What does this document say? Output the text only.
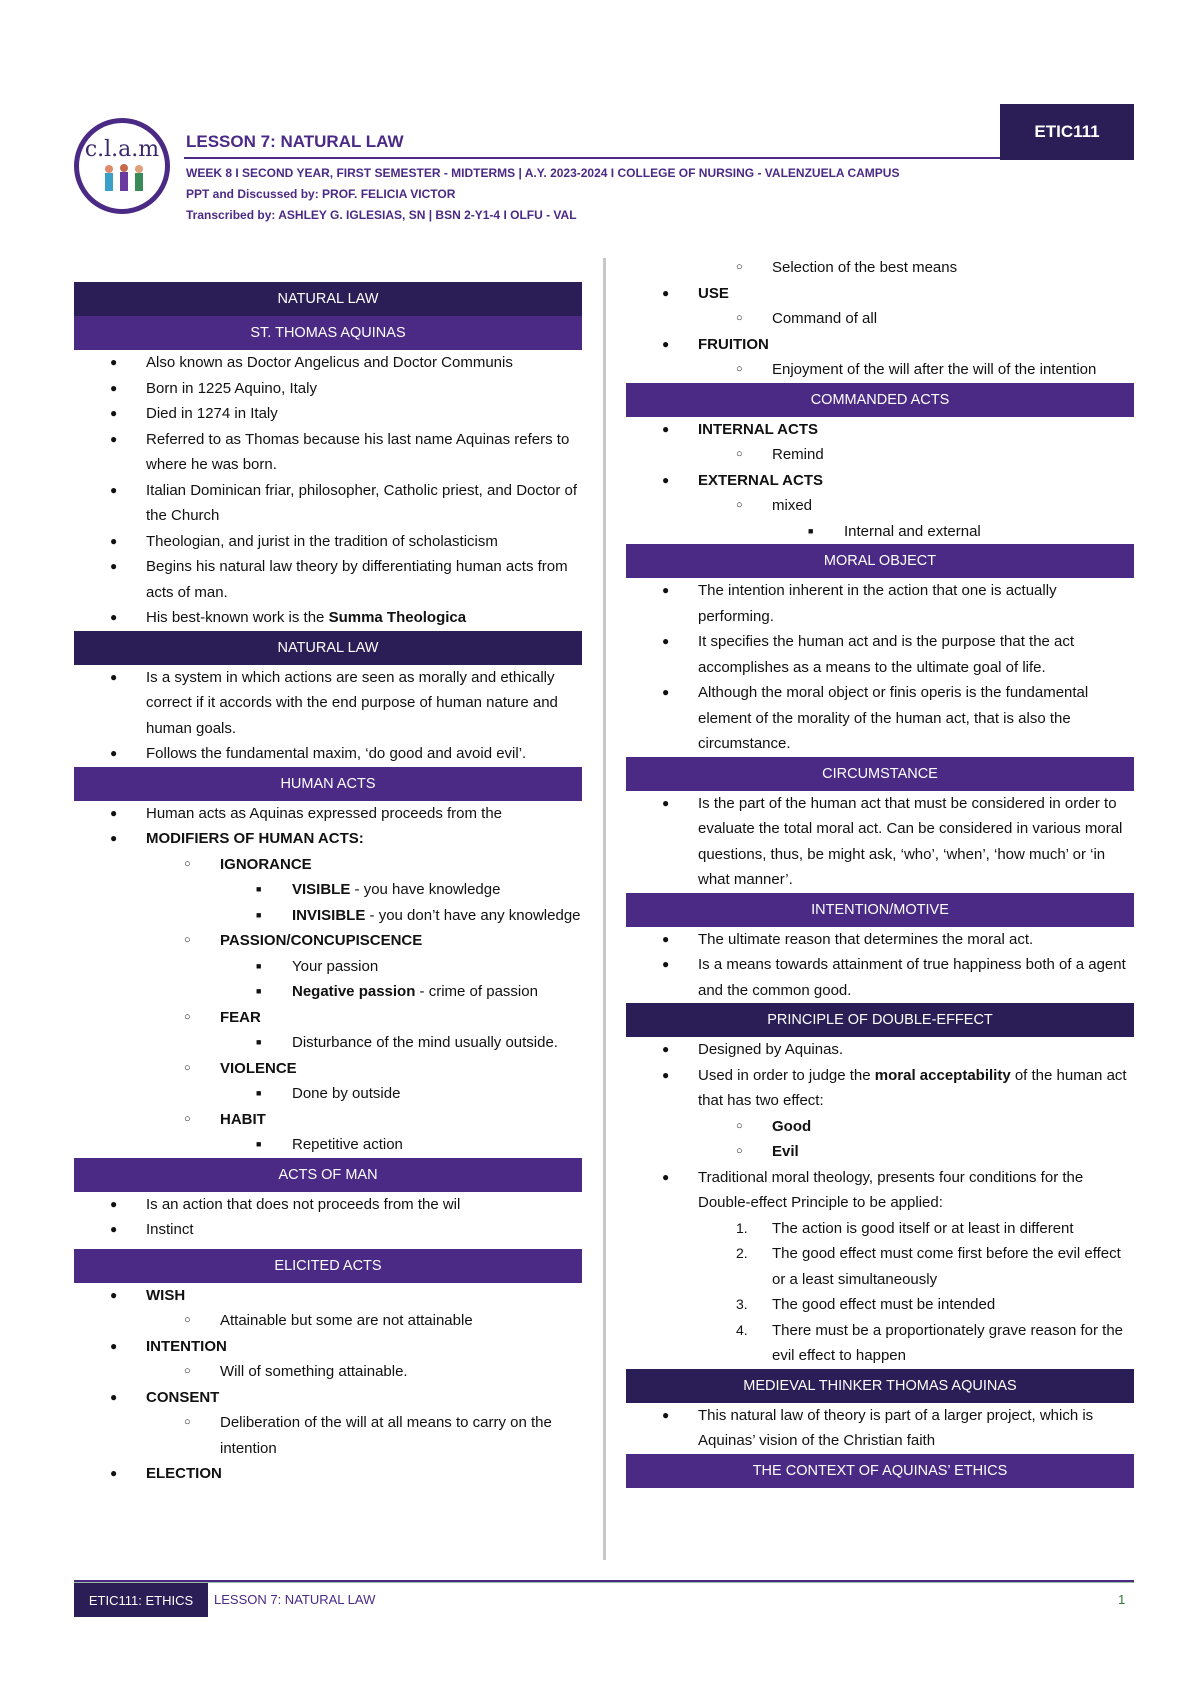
c.l.a.m	LESSON 7: NATURAL LAW
ETIC111
WEEK 8 I SECOND YEAR, FIRST SEMESTER - MIDTERMS | A.Y. 2023-2024 I COLLEGE OF NURSING - VALENZUELA CAMPUS
PPT and Discussed by: PROF. FELICIA VICTOR
Transcribed by: ASHLEY G. IGLESIAS, SN | BSN 2-Y1-4 I OLFU - VAL
NATURAL LAW
ST. THOMAS AQUINAS
● Also known as Doctor Angelicus and Doctor Communis
● Born in 1225 Aquino, Italy
● Died in 1274 in Italy
● Referred to as Thomas because his last name Aquinas refers to where he was born.
● Italian Dominican friar, philosopher, Catholic priest, and Doctor of the Church
● Theologian, and jurist in the tradition of scholasticism
● Begins his natural law theory by differentiating human acts from acts of man.
● His best-known work is the Summa Theologica
NATURAL LAW
● Is a system in which actions are seen as morally and ethically correct if it accords with the end purpose of human nature and human goals.
● Follows the fundamental maxim, ‘do good and avoid evil’.
HUMAN ACTS
● Human acts as Aquinas expressed proceeds from the
● MODIFIERS OF HUMAN ACTS:
○ IGNORANCE
■ VISIBLE - you have knowledge
■ INVISIBLE - you don’t have any knowledge
○ PASSION/CONCUPISCENCE
■ Your passion
■ Negative passion - crime of passion
○ FEAR
■ Disturbance of the mind usually outside.
○ VIOLENCE
■ Done by outside
○ HABIT
■ Repetitive action
ACTS OF MAN
● Is an action that does not proceeds from the wil
● Instinct
ELICITED ACTS
● WISH
○ Attainable but some are not attainable
● INTENTION
○ Will of something attainable.
● CONSENT
○ Deliberation of the will at all means to carry on the intention
● ELECTION
○ Selection of the best means
● USE
○ Command of all
● FRUITION
○ Enjoyment of the will after the will of the intention
COMMANDED ACTS
● INTERNAL ACTS
○ Remind
● EXTERNAL ACTS
○ mixed
■ Internal and external
MORAL OBJECT
● The intention inherent in the action that one is actually performing.
● It specifies the human act and is the purpose that the act accomplishes as a means to the ultimate goal of life.
● Although the moral object or finis operis is the fundamental element of the morality of the human act, that is also the circumstance.
CIRCUMSTANCE
● Is the part of the human act that must be considered in order to evaluate the total moral act. Can be considered in various moral questions, thus, be might ask, ‘who’, ‘when’, ‘how much’ or ‘in what manner’.
INTENTION/MOTIVE
● The ultimate reason that determines the moral act.
● Is a means towards attainment of true happiness both of a agent and the common good.
PRINCIPLE OF DOUBLE-EFFECT
● Designed by Aquinas.
● Used in order to judge the moral acceptability of the human act that has two effect:
○ Good
○ Evil
● Traditional moral theology, presents four conditions for the Double-effect Principle to be applied:
1. The action is good itself or at least in different
2. The good effect must come first before the evil effect or a least simultaneously
3. The good effect must be intended
4. There must be a proportionately grave reason for the evil effect to happen
MEDIEVAL THINKER THOMAS AQUINAS
● This natural law of theory is part of a larger project, which is Aquinas’ vision of the Christian faith
THE CONTEXT OF AQUINAS’ ETHICS
ETIC111: ETHICS	LESSON 7: NATURAL LAW	1
